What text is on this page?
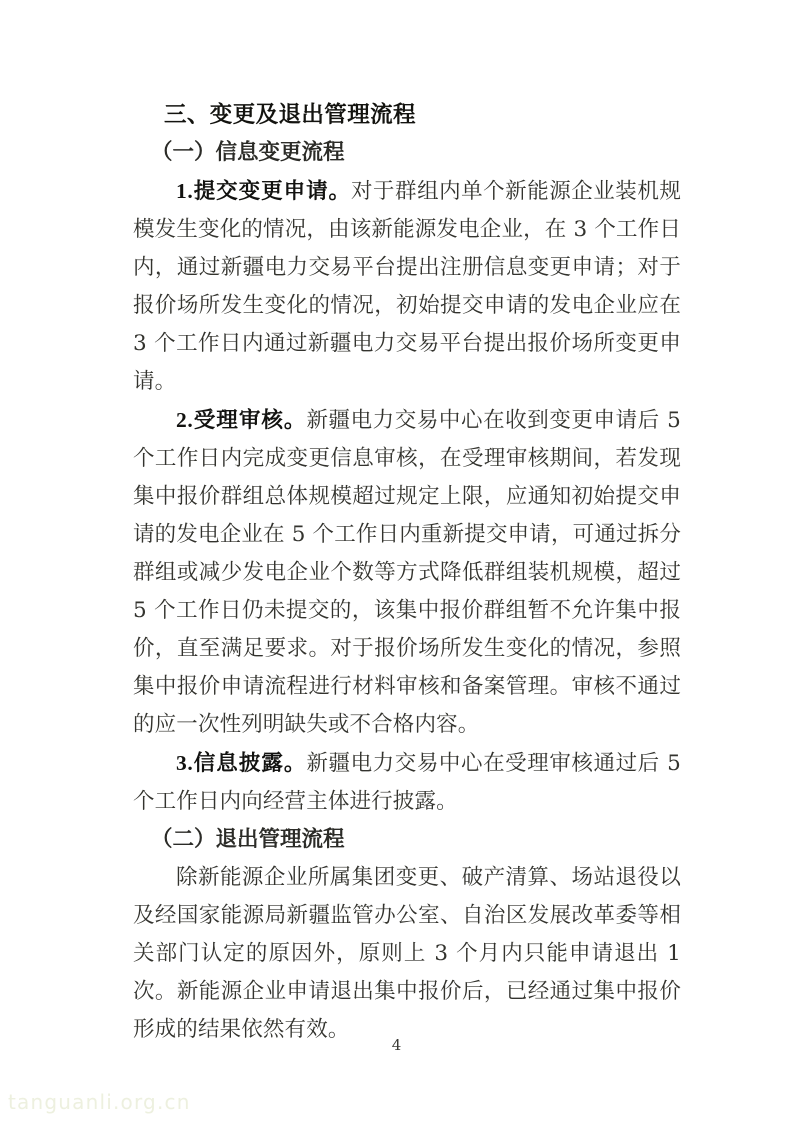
三、变更及退出管理流程
（一）信息变更流程

1.提交变更申请。对于群组内单个新能源企业装机规模发生变化的情况，由该新能源发电企业，在 3 个工作日内，通过新疆电力交易平台提出注册信息变更申请；对于报价场所发生变化的情况，初始提交申请的发电企业应在 3 个工作日内通过新疆电力交易平台提出报价场所变更申请。

2.受理审核。新疆电力交易中心在收到变更申请后 5 个工作日内完成变更信息审核，在受理审核期间，若发现集中报价群组总体规模超过规定上限，应通知初始提交申请的发电企业在 5 个工作日内重新提交申请，可通过拆分群组或减少发电企业个数等方式降低群组装机规模，超过 5 个工作日仍未提交的，该集中报价群组暂不允许集中报价，直至满足要求。对于报价场所发生变化的情况，参照集中报价申请流程进行材料审核和备案管理。审核不通过的应一次性列明缺失或不合格内容。

3.信息披露。新疆电力交易中心在受理审核通过后 5 个工作日内向经营主体进行披露。

（二）退出管理流程

除新能源企业所属集团变更、破产清算、场站退役以及经国家能源局新疆监管办公室、自治区发展改革委等相关部门认定的原因外，原则上 3 个月内只能申请退出 1 次。新能源企业申请退出集中报价后，已经通过集中报价形成的结果依然有效。

4
tanguanli.org.cn
